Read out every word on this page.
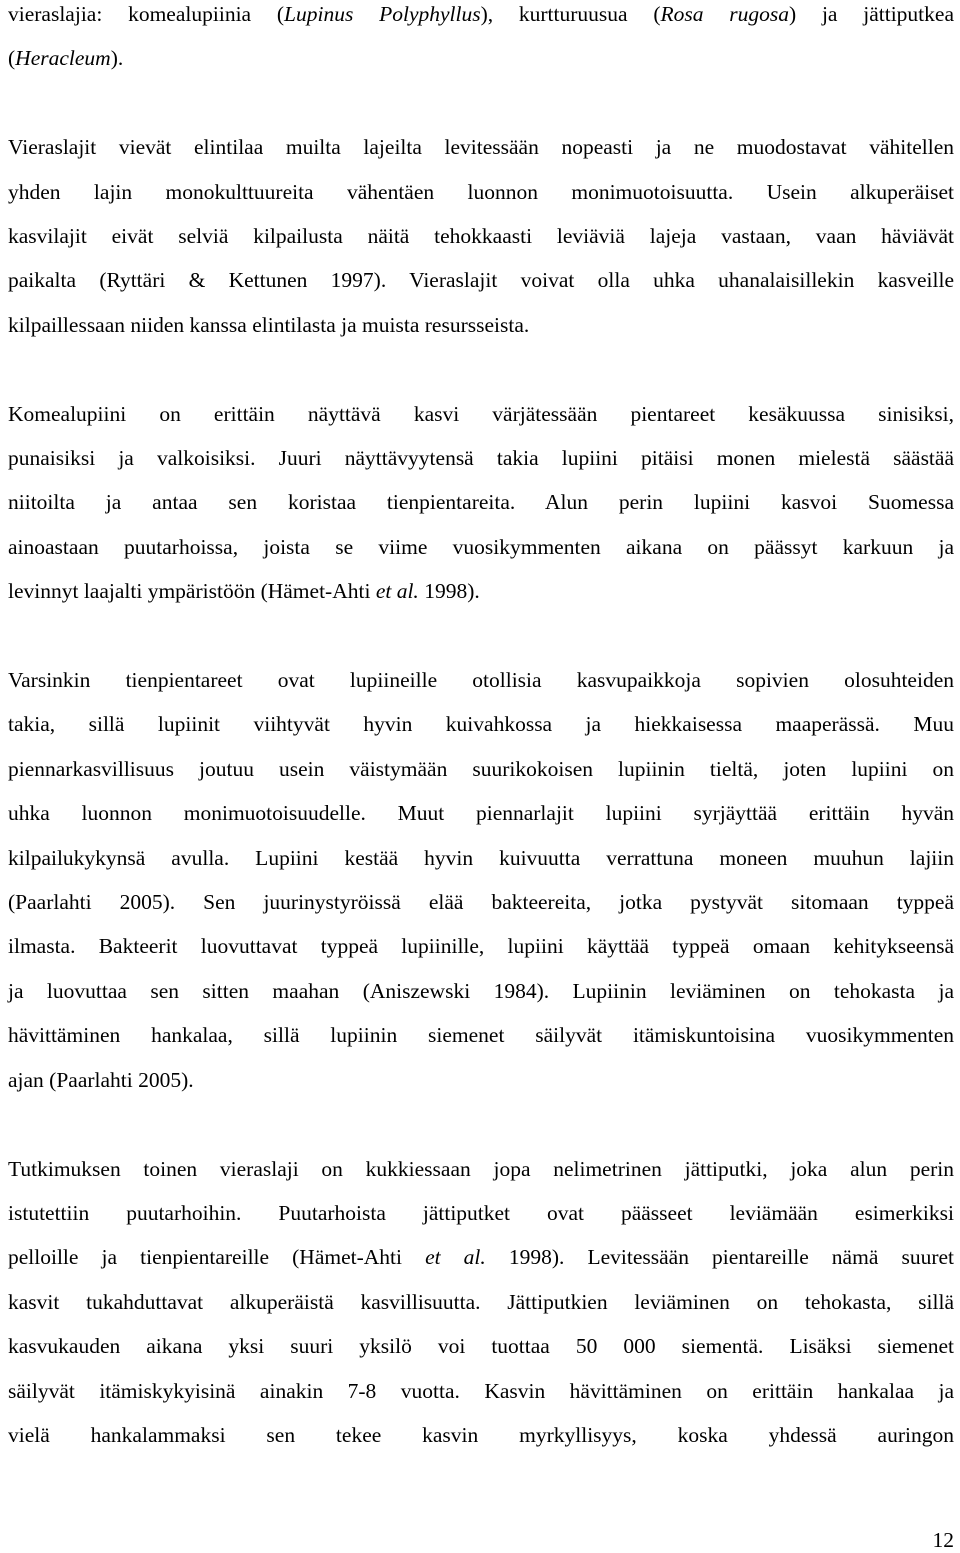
vieraslajia: komealupiinia (Lupinus Polyphyllus), kurtturuusua (Rosa rugosa) ja jättiputkea
(Heracleum).
Vieraslajit vievät elintilaa muilta lajeilta levitessään nopeasti ja ne muodostavat vähitellen
yhden lajin monokulttuureita vähentäen luonnon monimuotoisuutta. Usein alkuperäiset
kasvilajit eivät selviä kilpailusta näitä tehokkaasti leviäviä lajeja vastaan, vaan häviävät
paikalta (Ryttäri & Kettunen 1997). Vieraslajit voivat olla uhka uhanalaisillekin kasveille
kilpaillessaan niiden kanssa elintilasta ja muista resursseista.
Komealupiini on erittäin näyttävä kasvi värjätessään pientareet kesäkuussa sinisiksi,
punaisiksi ja valkoisiksi. Juuri näyttävyytensä takia lupiini pitäisi monen mielestä säästää
niitoilta ja antaa sen koristaa tienpientareita. Alun perin lupiini kasvoi Suomessa
ainoastaan puutarhoissa, joista se viime vuosikymmenten aikana on päässyt karkuun ja
levinnyt laajalti ympäristöön (Hämet-Ahti et al. 1998).
Varsinkin tienpientareet ovat lupiineille otollisia kasvupaikkoja sopivien olosuhteiden
takia, sillä lupiinit viihtyvät hyvin kuivahkossa ja hiekkaisessa maaperässä. Muu
piennarkasvillisuus joutuu usein väistymään suurikokoisen lupiinin tieltä, joten lupiini on
uhka luonnon monimuotoisuudelle. Muut piennarlajit lupiini syrjäyttää erittäin hyvän
kilpailukykynsä avulla. Lupiini kestää hyvin kuivuutta verrattuna moneen muuhun lajiin
(Paarlahti 2005). Sen juurinystyröissä elää bakteereita, jotka pystyvät sitomaan typpeä
ilmasta. Bakteerit luovuttavat typpeä lupiinille, lupiini käyttää typpeä omaan kehitykseensä
ja luovuttaa sen sitten maahan (Aniszewski 1984). Lupiinin leviäminen on tehokasta ja
hävittäminen hankalaa, sillä lupiinin siemenet säilyvät itämiskuntoisina vuosikymmenten
ajan (Paarlahti 2005).
Tutkimuksen toinen vieraslaji on kukkiessaan jopa nelimetrinen jättiputki, joka alun perin
istutettiin puutarhoihin. Puutarhoista jättiputket ovat päässeet leviämään esimerkiksi
pelloille ja tienpientareille (Hämet-Ahti et al. 1998). Levitessään pientareille nämä suuret
kasvit tukahduttavat alkuperäistä kasvillisuutta. Jättiputkien leviäminen on tehokasta, sillä
kasvukauden aikana yksi suuri yksilö voi tuottaa 50 000 siementä. Lisäksi siemenet
säilyvät itämiskykyisinä ainakin 7-8 vuotta. Kasvin hävittäminen on erittäin hankalaa ja
vielä hankalammaksi sen tekee kasvin myrkyllisyys, koska yhdessä auringon
12
